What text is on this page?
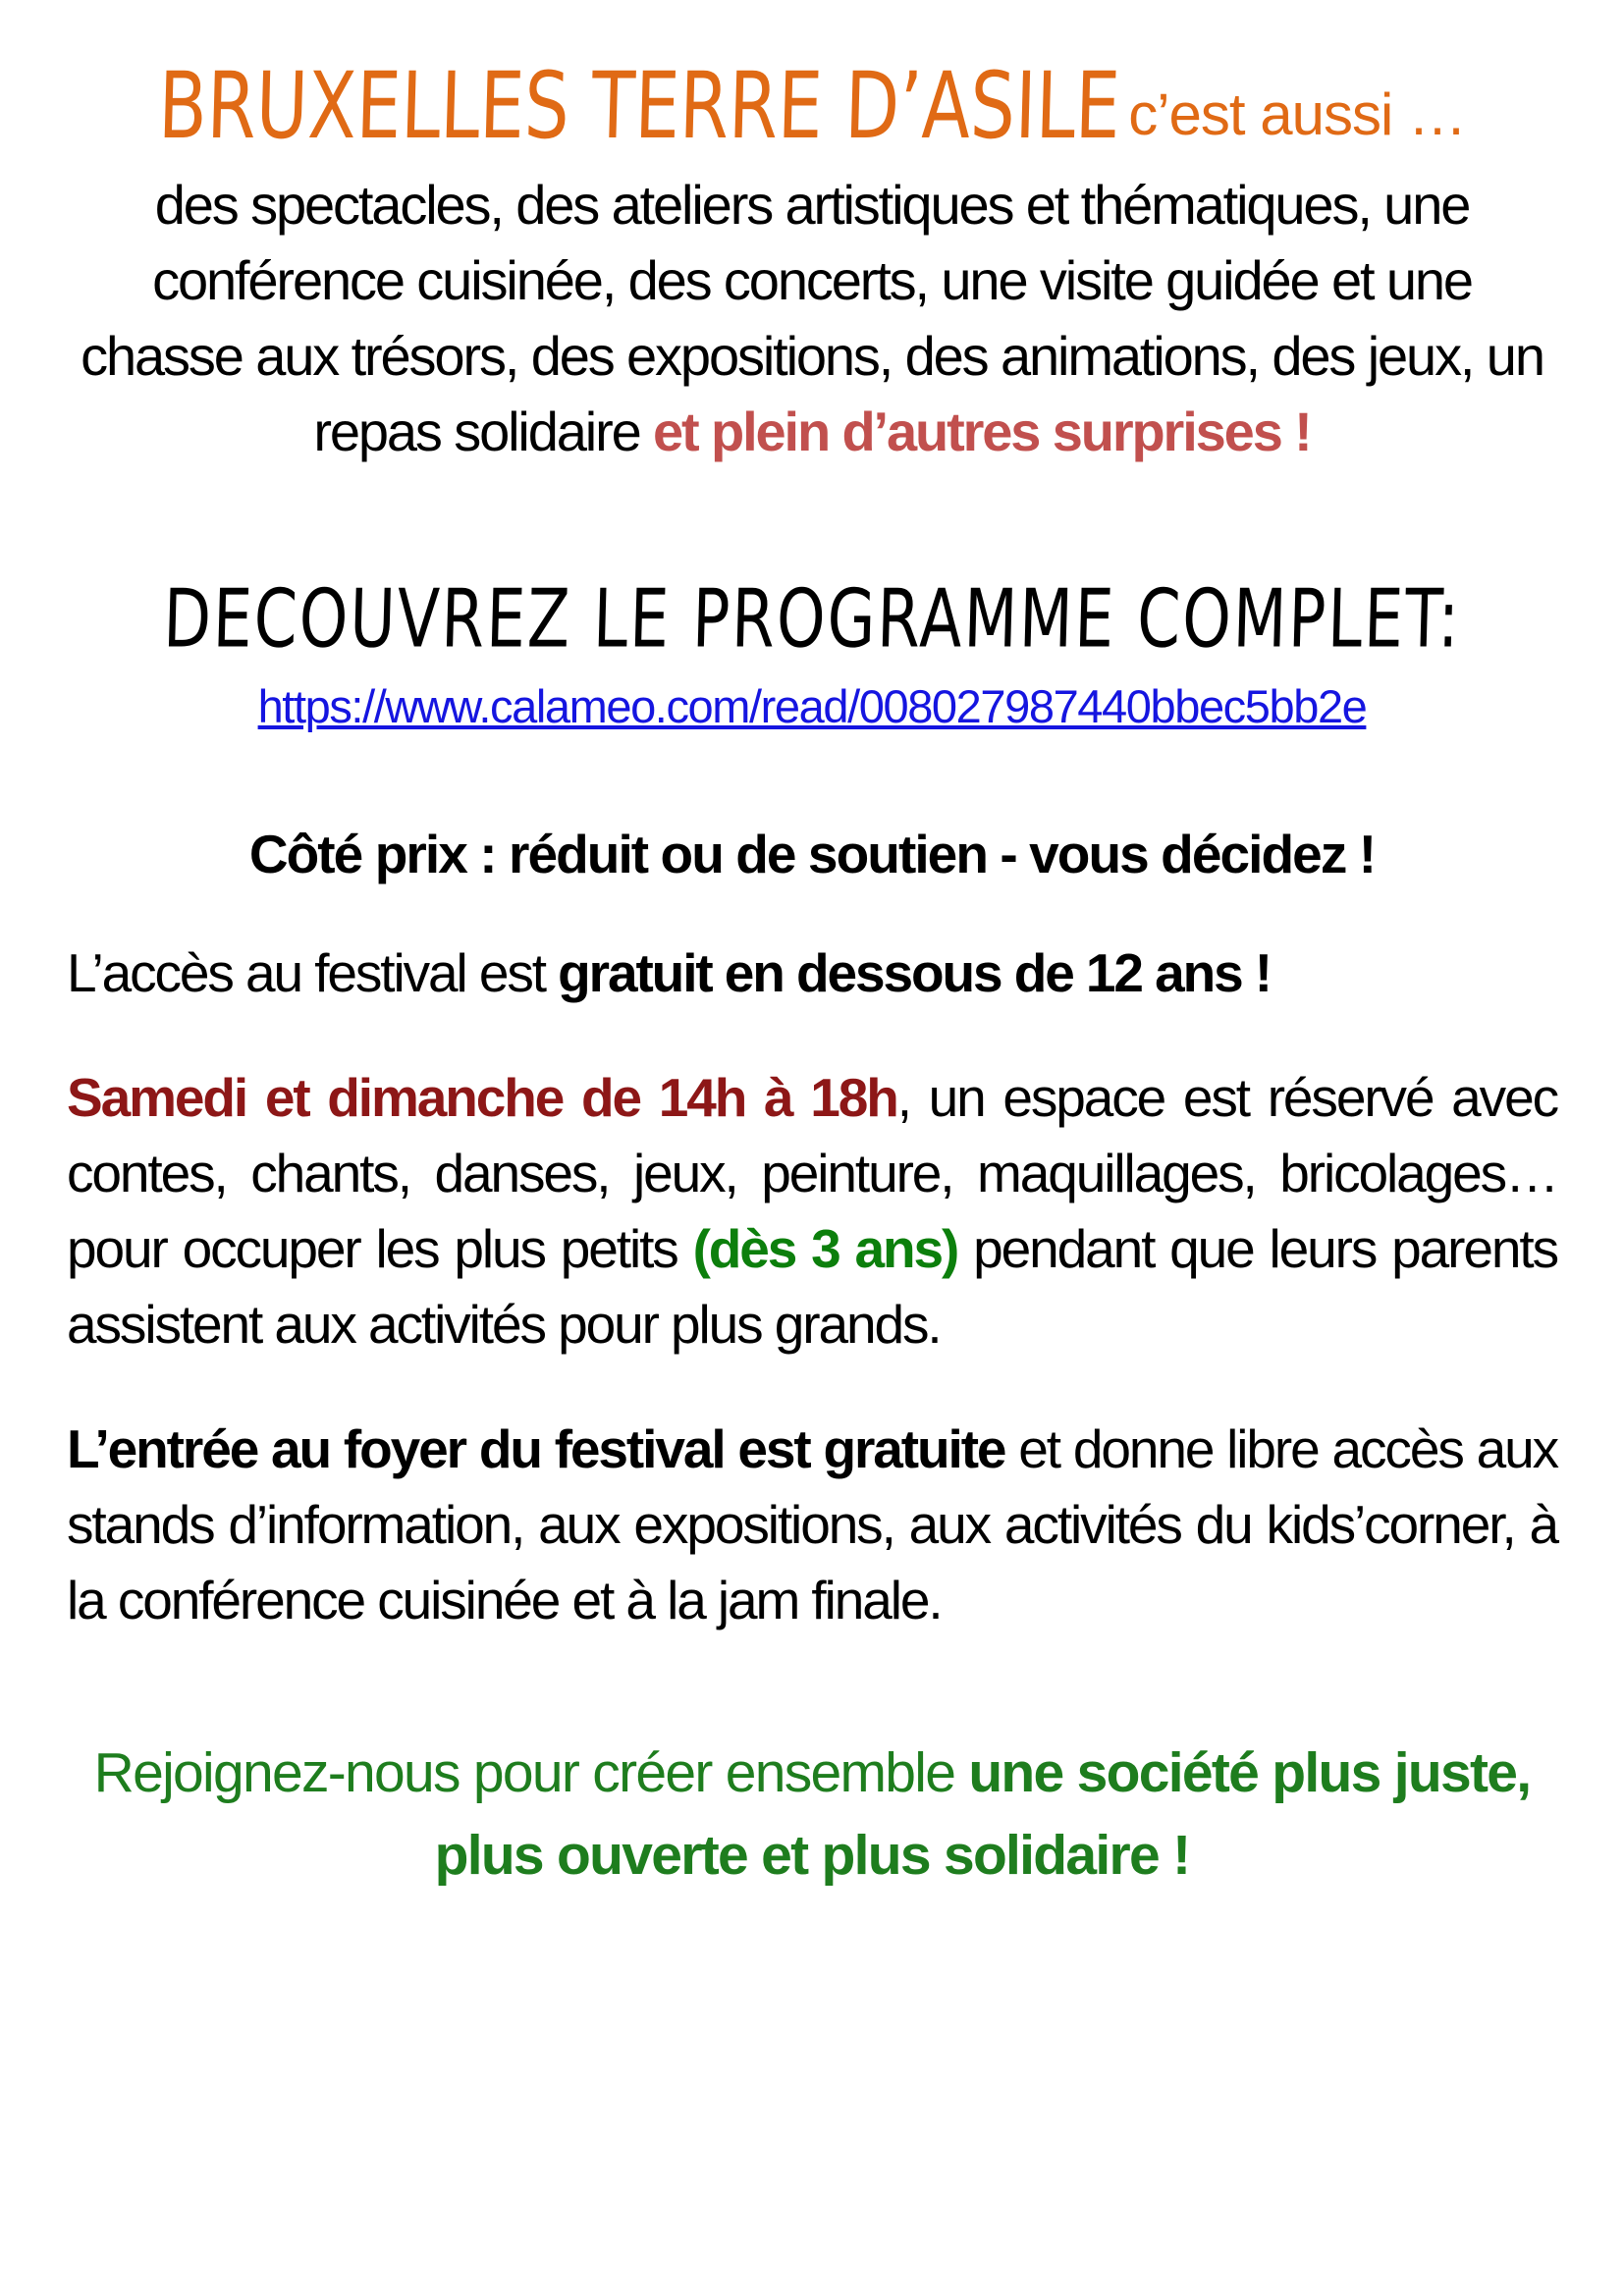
BRUXELLES TERRE D’ASILE c’est aussi …

des spectacles, des ateliers artistiques et thématiques, une conférence cuisinée, des concerts, une visite guidée et une chasse aux trésors, des expositions, des animations, des jeux, un repas solidaire et plein d’autres surprises !

DECOUVREZ LE PROGRAMME COMPLET:

https://www.calameo.com/read/008027987440bbec5bb2e

Côté prix : réduit ou de soutien - vous décidez !

L’accès au festival est gratuit en dessous de 12 ans !

Samedi et dimanche de 14h à 18h, un espace est réservé avec contes, chants, danses, jeux, peinture, maquillages, bricolages… pour occuper les plus petits (dès 3 ans) pendant que leurs parents assistent aux activités pour plus grands.

L’entrée au foyer du festival est gratuite et donne libre accès aux stands d’information, aux expositions, aux activités du kids’corner, à la conférence cuisinée et à la jam finale.

Rejoignez-nous pour créer ensemble une société plus juste, plus ouverte et plus solidaire !
